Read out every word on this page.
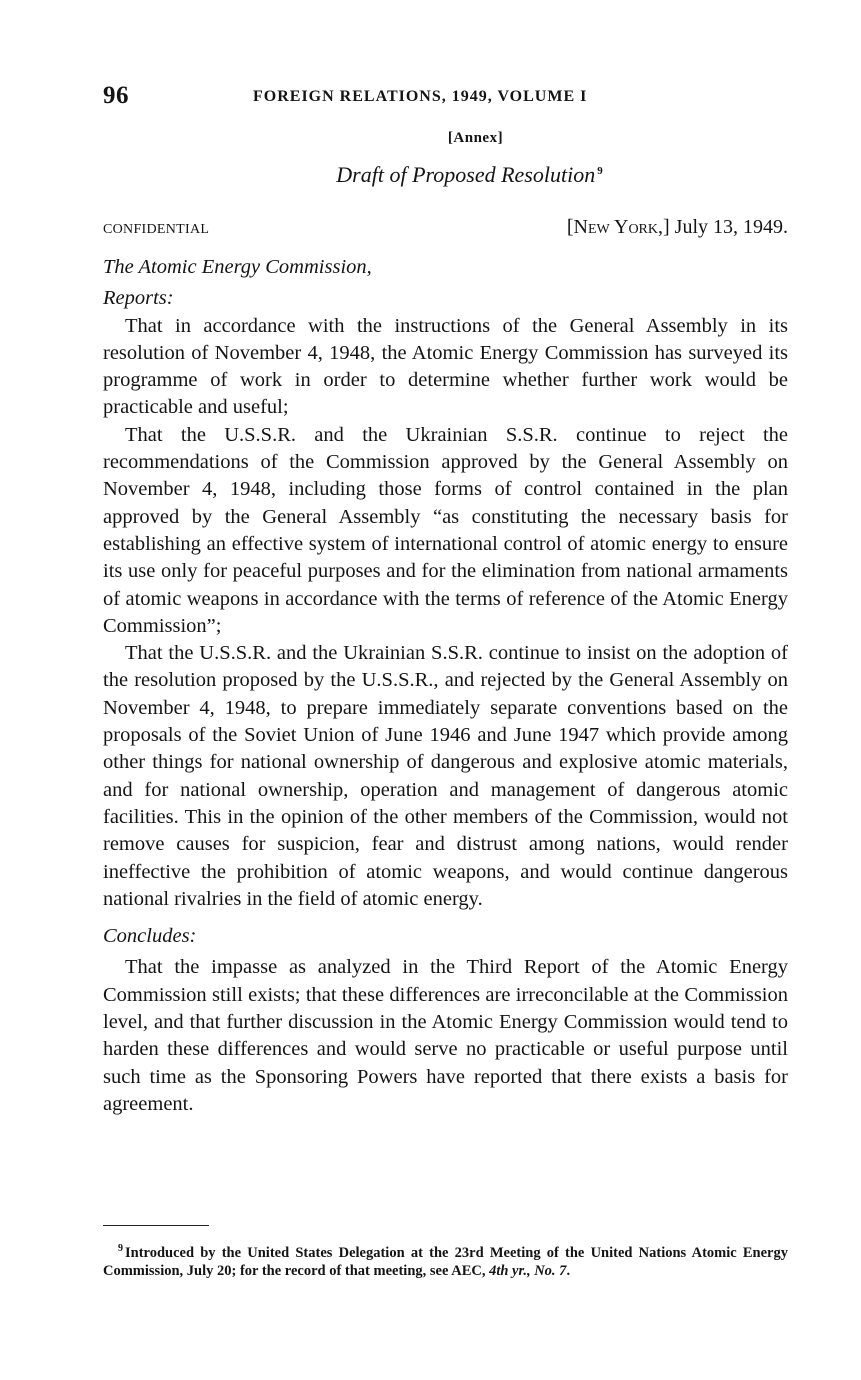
96	FOREIGN RELATIONS, 1949, VOLUME I
[Annex]
Draft of Proposed Resolution $^9$
CONFIDENTIAL	[New York,] July 13, 1949.

The Atomic Energy Commission,

Reports:

That in accordance with the instructions of the General Assembly in its resolution of November 4, 1948, the Atomic Energy Commission has surveyed its programme of work in order to determine whether further work would be practicable and useful;

That the U.S.S.R. and the Ukrainian S.S.R. continue to reject the recommendations of the Commission approved by the General Assembly on November 4, 1948, including those forms of control contained in the plan approved by the General Assembly “as constituting the necessary basis for establishing an effective system of international control of atomic energy to ensure its use only for peaceful purposes and for the elimination from national armaments of atomic weapons in accordance with the terms of reference of the Atomic Energy Commission”;

That the U.S.S.R. and the Ukrainian S.S.R. continue to insist on the adoption of the resolution proposed by the U.S.S.R., and rejected by the General Assembly on November 4, 1948, to prepare immediately separate conventions based on the proposals of the Soviet Union of June 1946 and June 1947 which provide among other things for national ownership of dangerous and explosive atomic materials, and for national ownership, operation and management of dangerous atomic facilities. This in the opinion of the other members of the Commission, would not remove causes for suspicion, fear and distrust among nations, would render ineffective the prohibition of atomic weapons, and would continue dangerous national rivalries in the field of atomic energy.

Concludes:

That the impasse as analyzed in the Third Report of the Atomic Energy Commission still exists; that these differences are irreconcilable at the Commission level, and that further discussion in the Atomic Energy Commission would tend to harden these differences and would serve no practicable or useful purpose until such time as the Sponsoring Powers have reported that there exists a basis for agreement.

$^9$ Introduced by the United States Delegation at the 23rd Meeting of the United Nations Atomic Energy Commission, July 20; for the record of that meeting, see AEC, 4th yr., No. 7.
